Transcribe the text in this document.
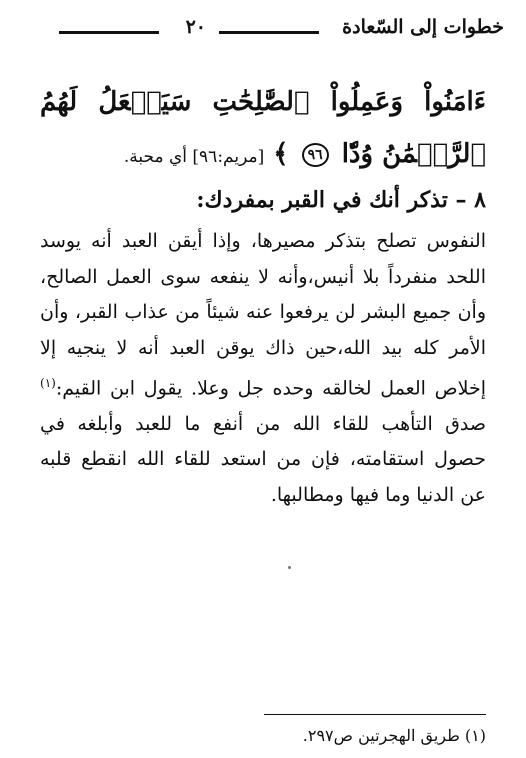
خطوات إلى السّعادة
٢٠
ءَامَنُواْ وَعَمِلُواْ ٱلصَّٰلِحَٰتِ سَيَجۡعَلُ لَهُمُ ٱلرَّحۡمَٰنُ وُدّٗا ٩٦ ﴾ [مريم:٩٦] أي محبة.
٨ – تذكر أنك في القبر بمفردك:
النفوس تصلح بتذكر مصيرها، وإذا أيقن العبد أنه يوسد اللحد منفرداً بلا أنيس،وأنه لا ينفعه سوى العمل الصالح، وأن جميع البشر لن يرفعوا عنه شيئاً من عذاب القبر، وأن الأمر كله بيد الله،حين ذاك يوقن العبد أنه لا ينجيه إلا إخلاص العمل لخالقه وحده جل وعلا. يقول ابن القيم:$^{(١)}$ صدق التأهب للقاء الله من أنفع ما للعبد وأبلغه في حصول استقامته، فإن من استعد للقاء الله انقطع قلبه عن الدنيا وما فيها ومطالبها.
(١) طريق الهجرتين ص٢٩٧.
